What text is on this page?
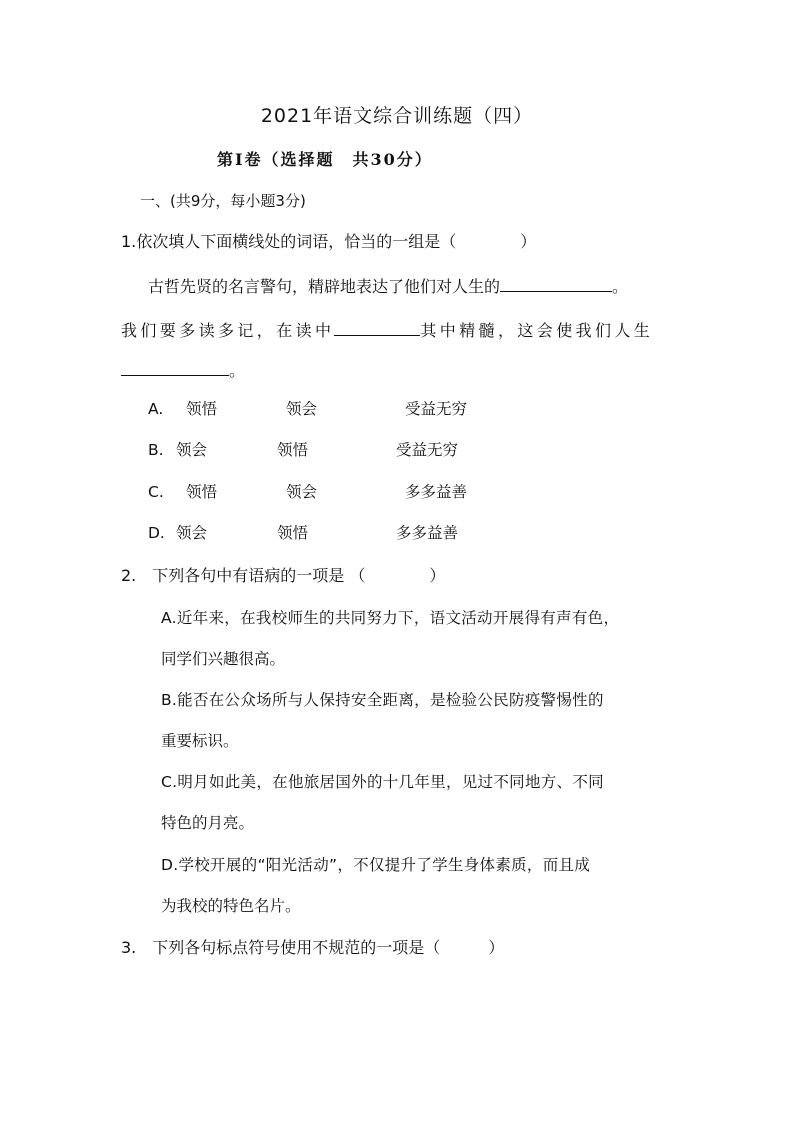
2021年语文综合训练题（四）
第Ⅰ卷（选择题　共30分）
一、(共9分，每小题3分)
1.依次填人下面横线处的词语，恰当的一组是（　　　　）
古哲先贤的名言警句，精辟地表达了他们对人生的	。
我们要多读多记，在读中	其中精髓，这会使我们人生
。
A. 领悟	领会	受益无穷
B. 领会	领悟	受益无穷
C. 领悟	领会	多多益善
D. 领会	领悟	多多益善
2.　下列各句中有语病的一项是 （　　　　）
A.近年来，在我校师生的共同努力下，语文活动开展得有声有色，
同学们兴趣很高。
B.能否在公众场所与人保持安全距离，是检验公民防疫警惕性的
重要标识。
C.明月如此美，在他旅居国外的十几年里，见过不同地方、不同
特色的月亮。
D.学校开展的“阳光活动”，不仅提升了学生身体素质，而且成
为我校的特色名片。
3.　下列各句标点符号使用不规范的一项是（　　　）
